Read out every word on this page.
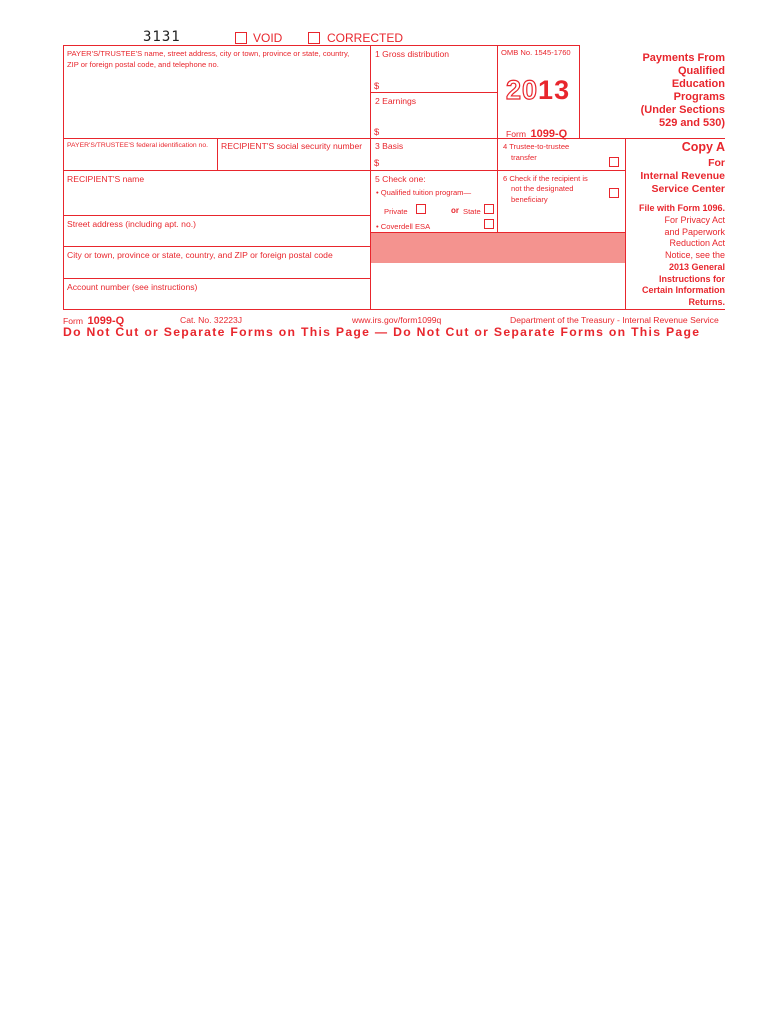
3131	VOID	CORRECTED
PAYER'S/TRUSTEE'S name, street address, city or town, province or state, country,
ZIP or foreign postal code, and telephone no.
1 Gross distribution
$
2 Earnings
$
OMB No. 1545-1760
2013
Form 1099-Q
Payments From
Qualified
Education
Programs
(Under Sections
529 and 530)
PAYER'S/TRUSTEE'S federal identification no. RECIPIENT'S social security number 3 Basis
$
4 Trustee-to-trustee
transfer
Copy A
For
Internal Revenue
Service Center
File with Form 1096.
For Privacy Act
and Paperwork
Reduction Act
Notice, see the
2013 General
Instructions for
Certain Information
Returns.
RECIPIENT'S name	5 Check one:
• Qualified tuition program—
Private	or State
• Coverdell ESA
6 Check if the recipient is
not the designated
beneficiary
Street address (including apt. no.)
City or town, province or state, country, and ZIP or foreign postal code
Account number (see instructions)
Form 1099-Q	Cat. No. 32223J	www.irs.gov/form1099q	Department of the Treasury - Internal Revenue Service
Do Not Cut or Separate Forms on This Page — Do Not Cut or Separate Forms on This Page
